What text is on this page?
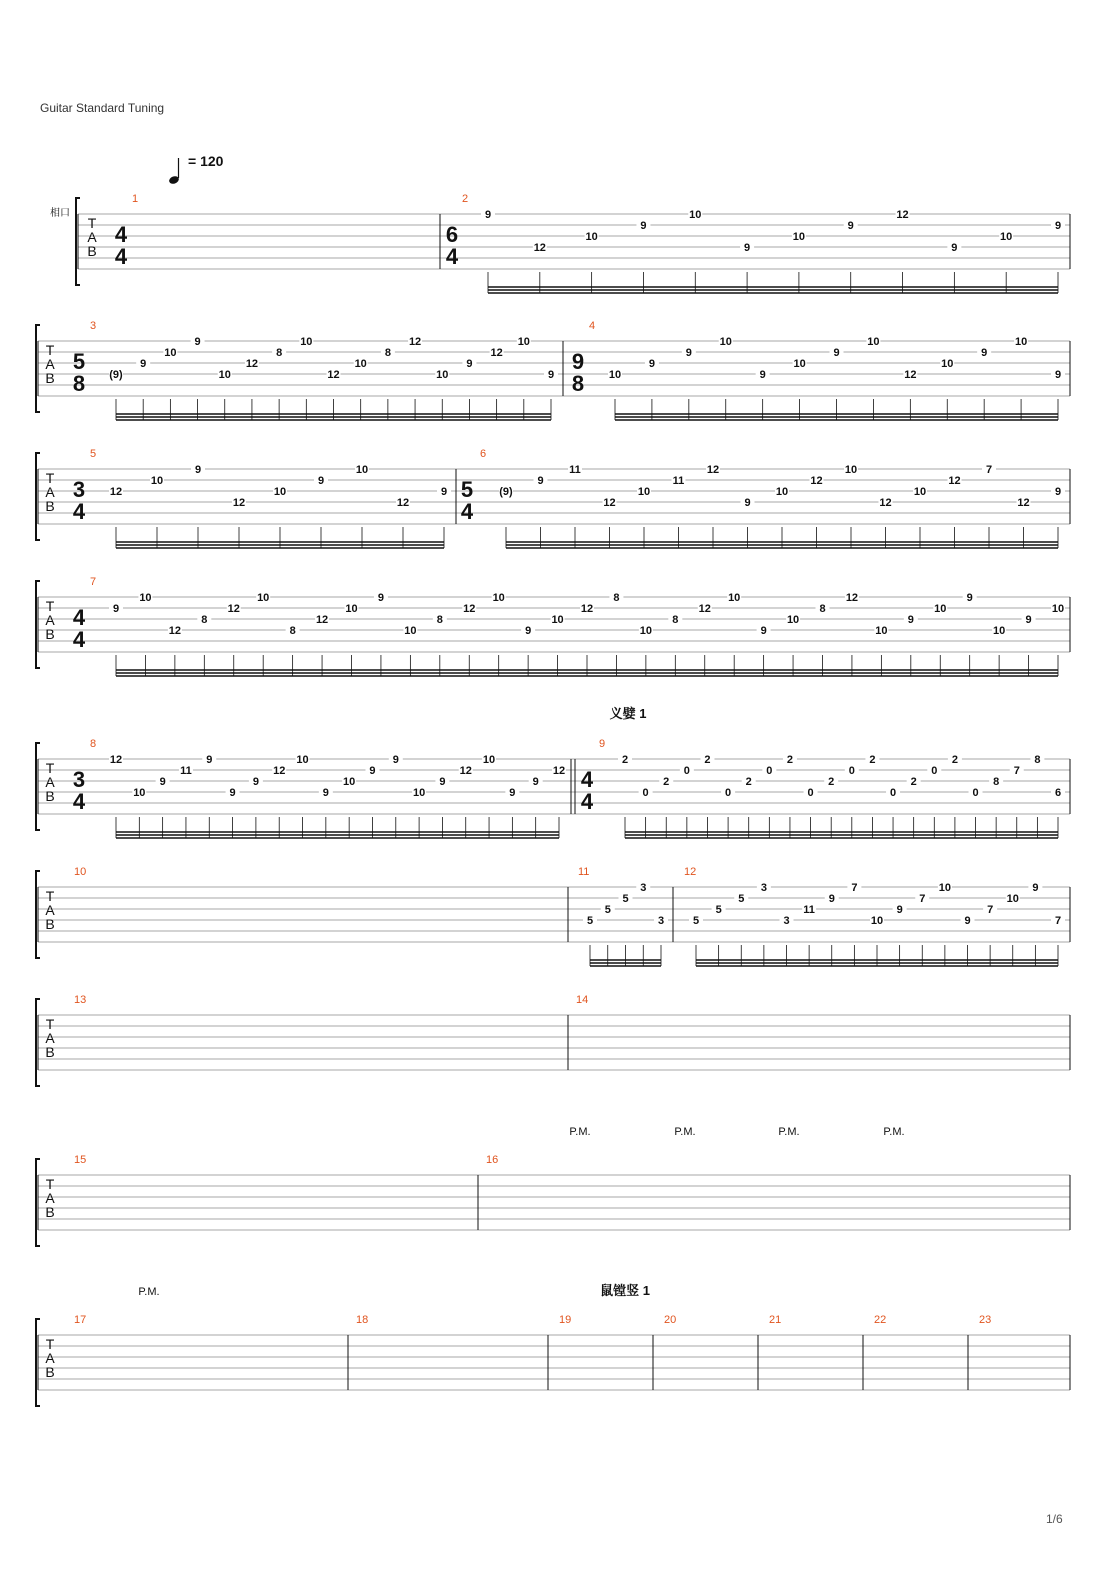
Guitar Standard Tuning
= 120
相口
T
A
B
1
4
4
2
6
4
9
12
10
9
10
9
10
9
12
9
10
9
T
A
B
3
5
8 (9)
9
10
9
10
12
8
10
12
10
8
12
10
9
12
10
9
4
9
8 10
9
9
10
9
10
9
10
12
10
9
10
9
T
A
B
5
3
4
12
10
9
12
10
9
10
12
9
6
5
4
(9)
9
11
12
10
11
12
9
10
12
10
12
10
12
7
12
9
T
A
B
7
4
4
9
10
12
8
12
10
8
12
10
9
10
8
12
10
9
10
12
8
10
8
12
10
9
10
8
12
10
9
10
9
10
9
10
T
A
B
8
3
4
12
10
9
11
9
9
9
12
10
9
10
9
9
10
9
12
10
9
9
12
9
4
4
2
0
2
0
2
0
2
0
2
0
2
0
2
0
2
0
2
0
8
7
8
6
义嬖 1
T
A
B
10	11
5
5
5
3
3
12
5
5
5
3
3
11
9
7
10
9
7
10
9
7
10
9
7
T
A
B
13	14
T
A
B
15	16
P.M.	P.M.	P.M.	P.M.
T
A
B
17	18	19	20	21	22	23
P.M.	鼠镗竖 1
1/6
